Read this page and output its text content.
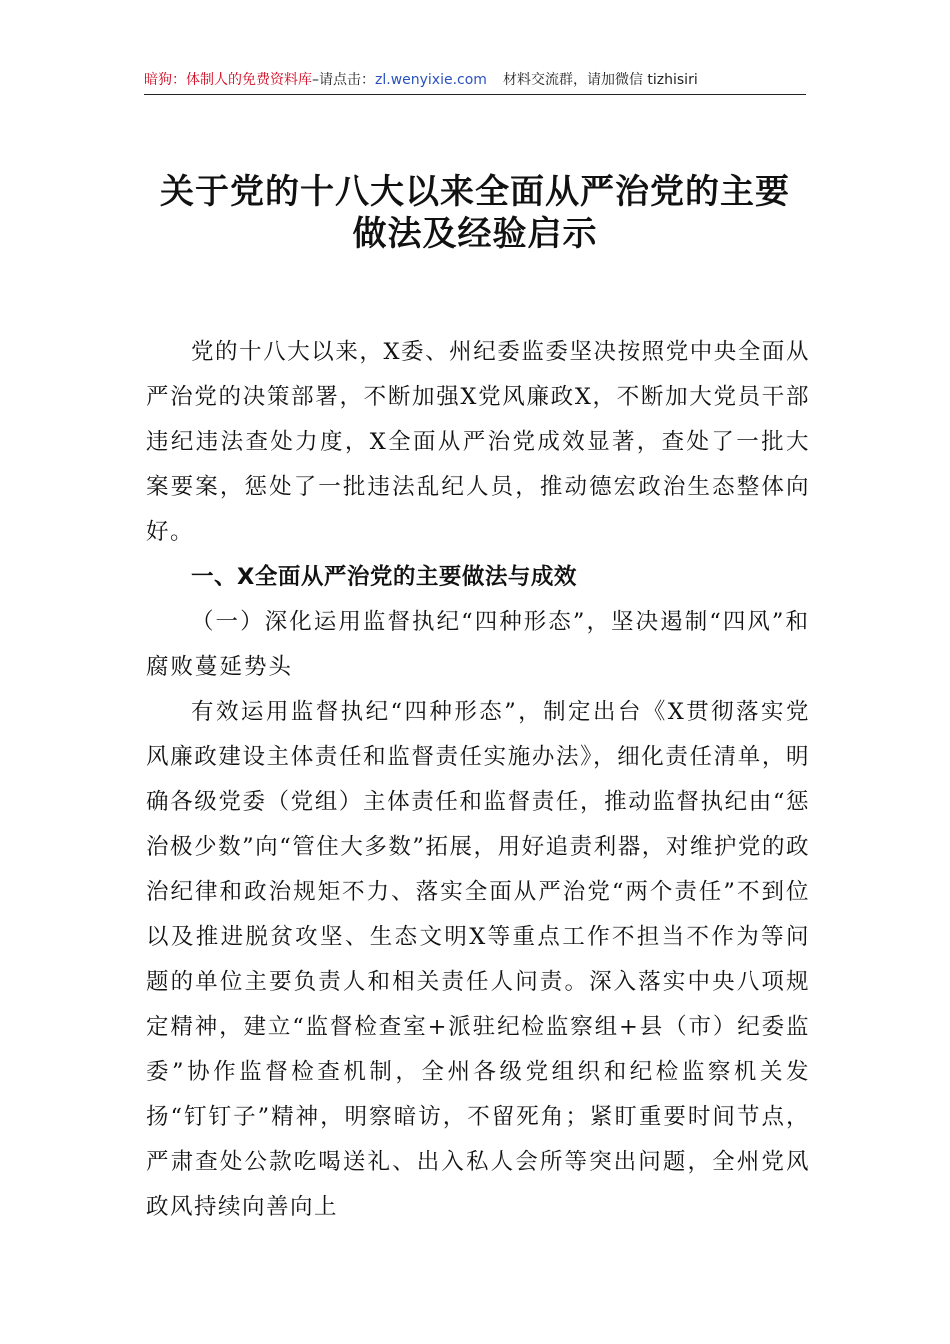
暗狗：体制人的免费资料库–请点击：zl.wenyixie.com 材料交流群，请加微信 tizhisiri
关于党的十八大以来全面从严治党的主要
做法及经验启示

党的十八大以来，X委、州纪委监委坚决按照党中央全面从严治党的决策部署，不断加强X党风廉政X，不断加大党员干部违纪违法查处力度，X全面从严治党成效显著，查处了一批大案要案，惩处了一批违法乱纪人员，推动德宏政治生态整体向好。

一、X全面从严治党的主要做法与成效

（一）深化运用监督执纪“四种形态”，坚决遏制“四风”和腐败蔓延势头

有效运用监督执纪“四种形态”，制定出台《X贯彻落实党风廉政建设主体责任和监督责任实施办法》，细化责任清单，明确各级党委（党组）主体责任和监督责任，推动监督执纪由“惩治极少数”向“管住大多数”拓展，用好追责利器，对维护党的政治纪律和政治规矩不力、落实全面从严治党“两个责任”不到位以及推进脱贫攻坚、生态文明X等重点工作不担当不作为等问题的单位主要负责人和相关责任人问责。深入落实中央八项规定精神，建立“监督检查室+派驻纪检监察组+县（市）纪委监委”协作监督检查机制，全州各级党组织和纪检监察机关发扬“钉钉子”精神，明察暗访，不留死角；紧盯重要时间节点，严肃查处公款吃喝送礼、出入私人会所等突出问题，全州党风政风持续向善向上
